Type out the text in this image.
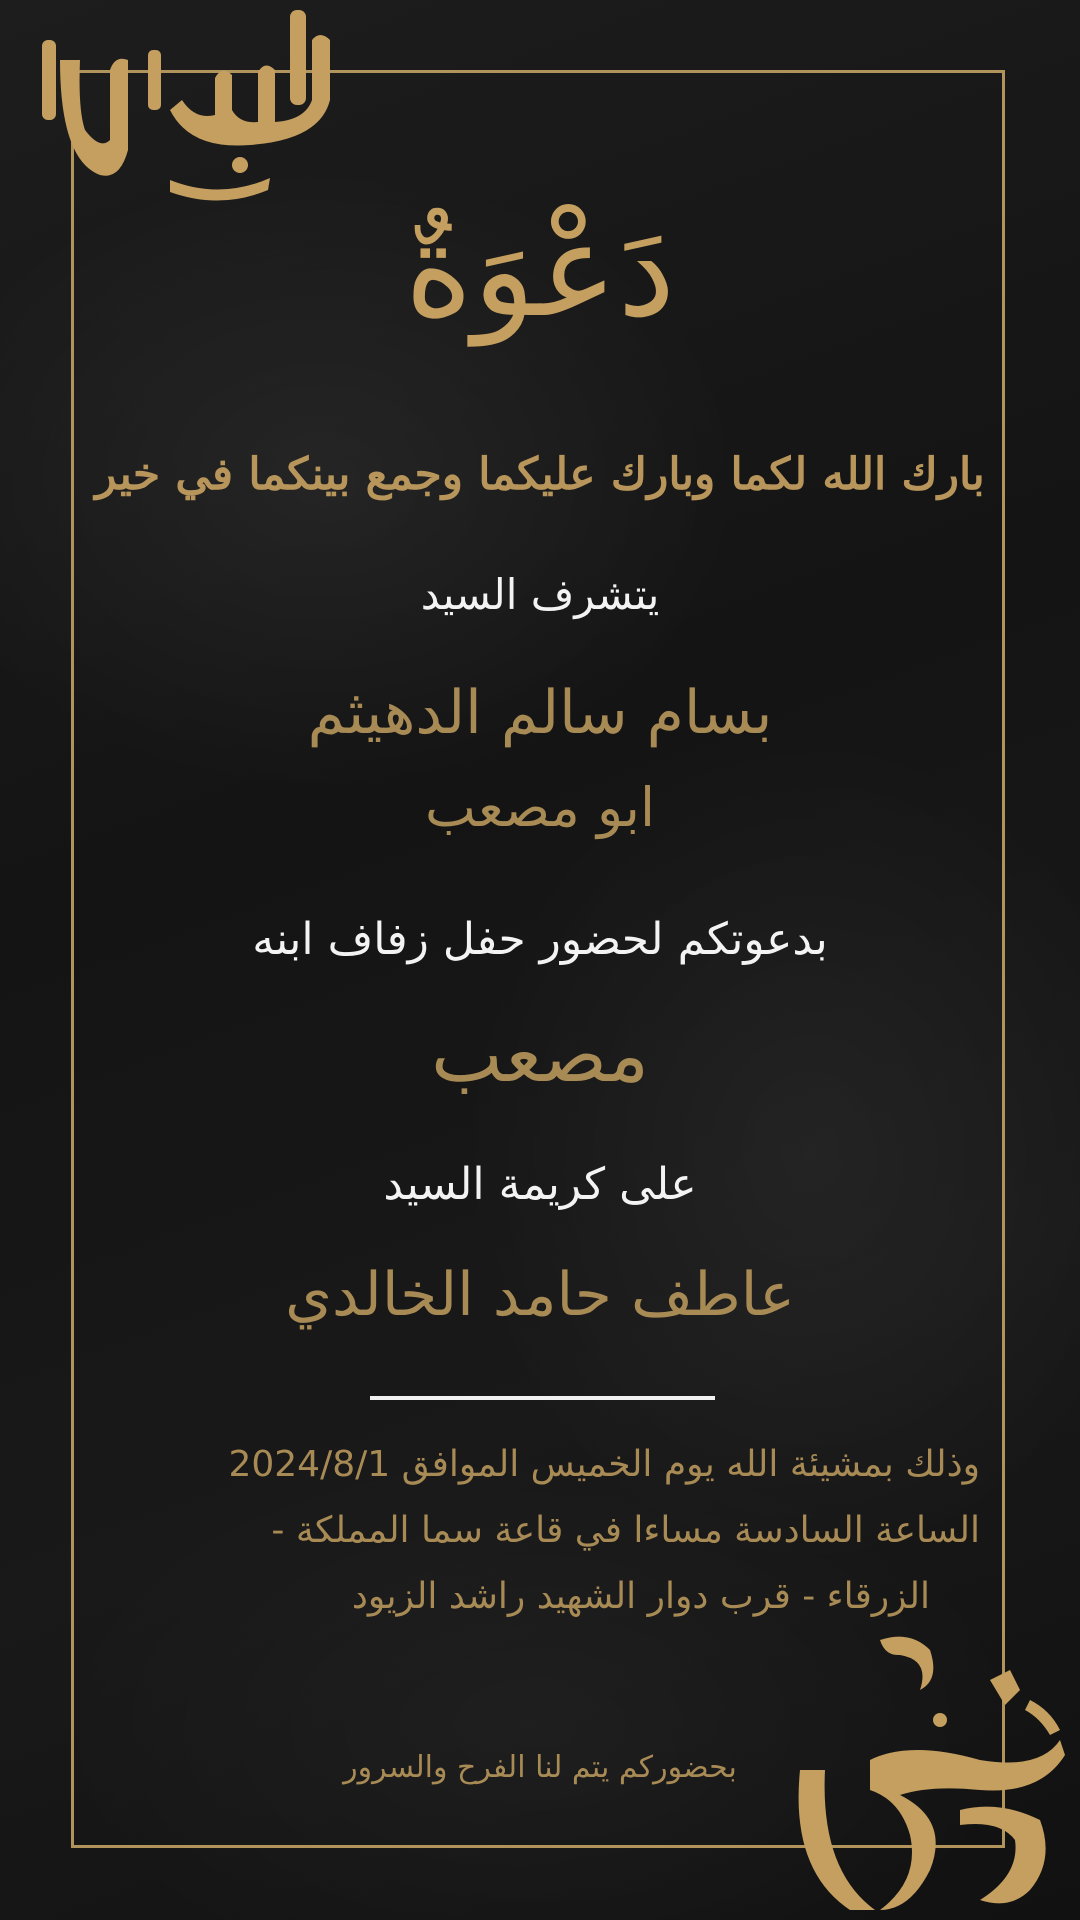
دَعْوَةٌ
بارك الله لكما وبارك عليكما وجمع بينكما في خير
يتشرف السيد
بسام سالم الدهيثم
ابو مصعب
بدعوتكم لحضور حفل زفاف ابنه
مصعب
على كريمة السيد
عاطف حامد الخالدي
وذلك بمشيئة الله يوم الخميس الموافق 2024/8/1
الساعة السادسة مساءا في قاعة سما المملكة -
الزرقاء - قرب دوار الشهيد راشد الزيود
بحضوركم يتم لنا الفرح والسرور
